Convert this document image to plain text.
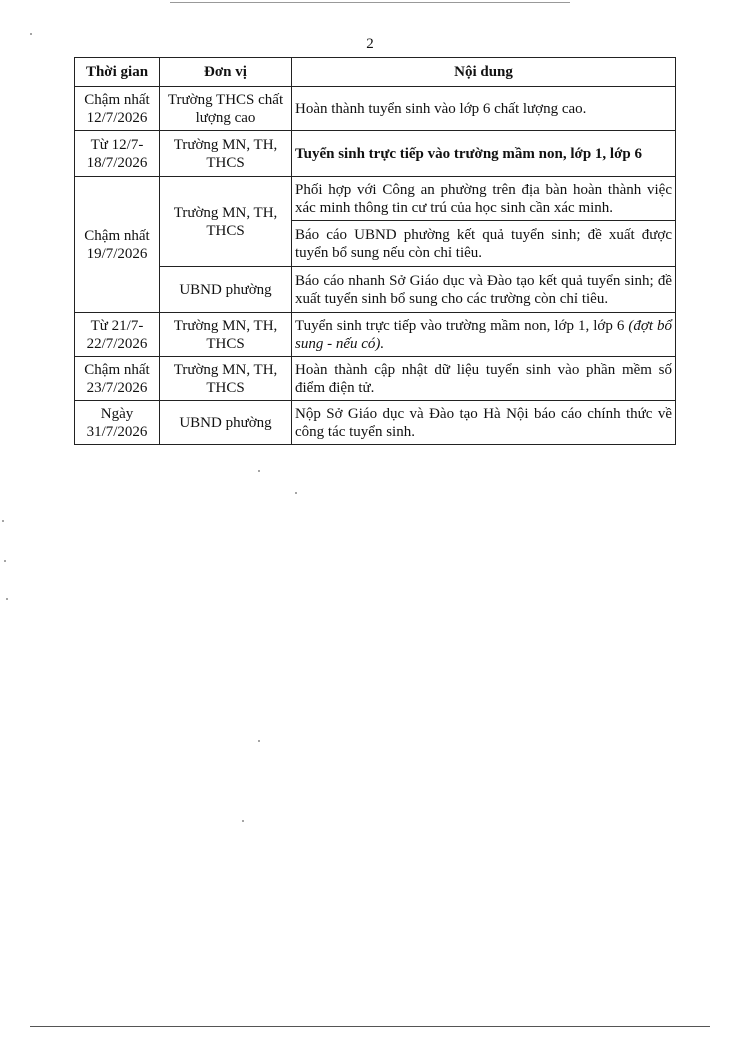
2
Thời gian	Đơn vị	Nội dung
Chậm nhất 12/7/2026	Trường THCS chất lượng cao	Hoàn thành tuyển sinh vào lớp 6 chất lượng cao.
Từ 12/7- 18/7/2026	Trường MN, TH, THCS	Tuyển sinh trực tiếp vào trường mầm non, lớp 1, lớp 6
Chậm nhất 19/7/2026	Trường MN, TH, THCS	Phối hợp với Công an phường trên địa bàn hoàn thành việc xác minh thông tin cư trú của học sinh cần xác minh.
		Báo cáo UBND phường kết quả tuyển sinh; đề xuất được tuyển bổ sung nếu còn chỉ tiêu.
	UBND phường	Báo cáo nhanh Sở Giáo dục và Đào tạo kết quả tuyển sinh; đề xuất tuyển sinh bổ sung cho các trường còn chỉ tiêu.
Từ 21/7- 22/7/2026	Trường MN, TH, THCS	Tuyển sinh trực tiếp vào trường mầm non, lớp 1, lớp 6 (đợt bổ sung - nếu có).
Chậm nhất 23/7/2026	Trường MN, TH, THCS	Hoàn thành cập nhật dữ liệu tuyển sinh vào phần mềm số điểm điện tử.
Ngày 31/7/2026	UBND phường	Nộp Sở Giáo dục và Đào tạo Hà Nội báo cáo chính thức về công tác tuyển sinh.
